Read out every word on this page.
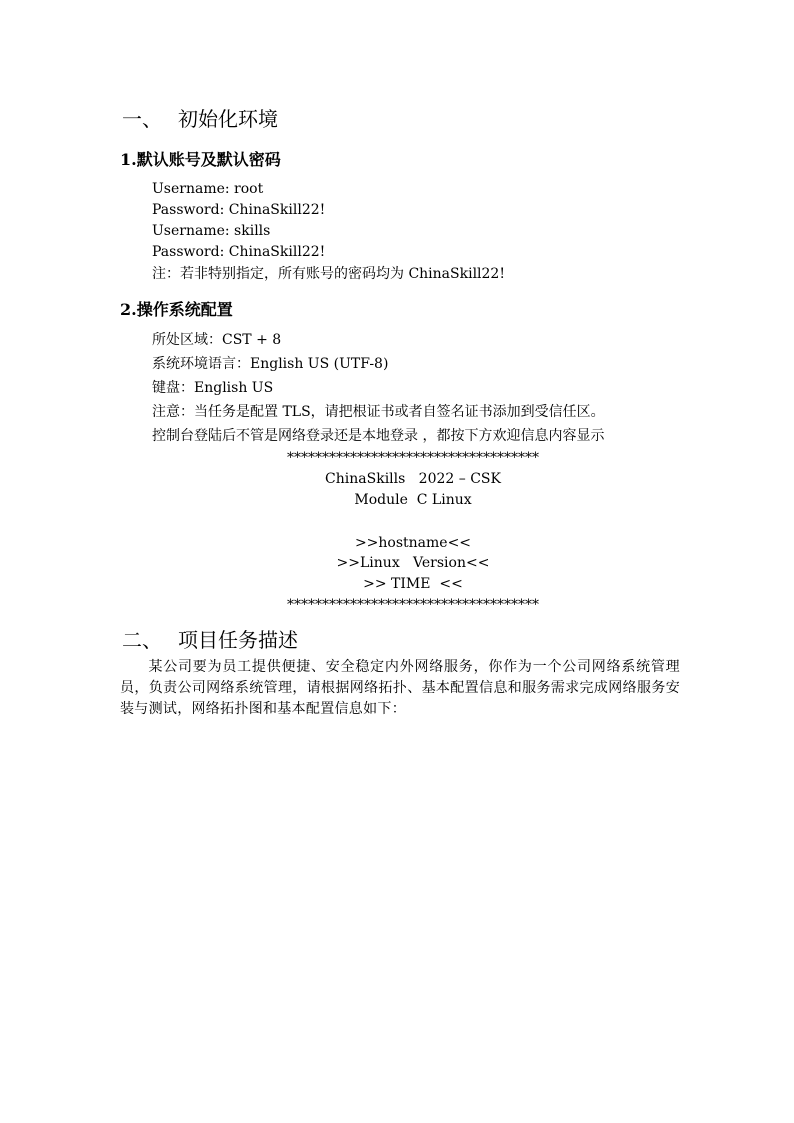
一、 初始化环境
1.默认账号及默认密码
Username: root
Password: ChinaSkill22!
Username: skills
Password: ChinaSkill22!
注：若非特别指定，所有账号的密码均为 ChinaSkill22!
2.操作系统配置
所处区域：CST + 8
系统环境语言：English US (UTF-8)
键盘：English US
注意：当任务是配置 TLS，请把根证书或者自签名证书添加到受信任区。
控制台登陆后不管是网络登录还是本地登录 ，都按下方欢迎信息内容显示
************************************
ChinaSkills   2022 – CSK
Module  C Linux
>>hostname<<
>>Linux   Version<<
>> TIME  <<
************************************
二、 项目任务描述
某公司要为员工提供便捷、安全稳定内外网络服务，你作为一个公司网络系统管理员，负责公司网络系统管理，请根据网络拓扑、基本配置信息和服务需求完成网络服务安装与测试，网络拓扑图和基本配置信息如下：
